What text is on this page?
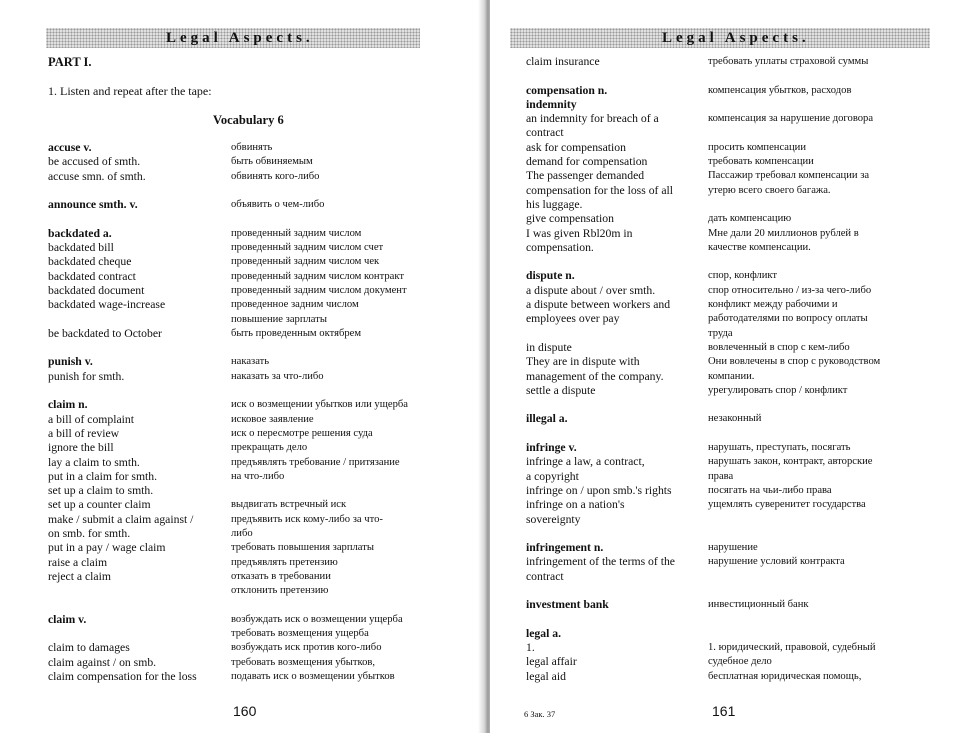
Legal Aspects.
PART I.
1. Listen and repeat after the tape:
Vocabulary 6
accuse v.
be accused of smth.
accuse smn. of smth.
announce smth. v.
backdated a.
backdated bill
backdated cheque
backdated contract
backdated document
backdated wage-increase
be backdated to October
punish v.
punish for smth.
claim n.
a bill of complaint
a bill of review
ignore the bill
lay a claim to smth.
put in a claim for smth.
set up a claim to smth.
set up a counter claim
make / submit a claim against /
on smb. for smth.
put in a pay / wage claim
raise a claim
reject a claim
claim v.
claim to damages
claim against / on smb.
claim compensation for the loss
обвинять
быть обвиняемым
обвинять кого-либо
объявить о чем-либо
проведенный задним числом
проведенный задним числом счет
проведенный задним числом чек
проведенный задним числом контракт
проведенный задним числом документ
проведенное задним числом
повышение зарплаты
быть проведенным октябрем
наказать
наказать за что-либо
иск о возмещении убытков или ущерба
исковое заявление
иск о пересмотре решения суда
прекращать дело
предъявлять требование / притязание
на что-либо
выдвигать встречный иск
предъявить иск кому-либо за что-
либо
требовать повышения зарплаты
предъявлять претензию
отказать в требовании
отклонить претензию
возбуждать иск о возмещении ущерба
требовать возмещения ущерба
возбуждать иск против кого-либо
требовать возмещения убытков,
подавать иск о возмещении убытков
160
Legal Aspects.
claim insurance
compensation n.
indemnity
an indemnity for breach of a
contract
ask for compensation
demand for compensation
The passenger demanded
compensation for the loss of all
his luggage.
give compensation
I was given Rbl20m in
compensation.
dispute n.
a dispute about / over smth.
a dispute between workers and
employees over pay
in dispute
They are in dispute with
management of the company.
settle a dispute
illegal a.
infringe v.
infringe a law, a contract,
a copyright
infringe on / upon smb.'s rights
infringe on a nation's
sovereignty
infringement n.
infringement of the terms of the
contract
investment bank
legal a.
1.
legal affair
legal aid
требовать уплаты страховой суммы
компенсация убытков, расходов
компенсация за нарушение договора
просить компенсации
требовать компенсации
Пассажир требовал компенсации за
утерю всего своего багажа.
дать компенсацию
Мне дали 20 миллионов рублей в
качестве компенсации.
спор, конфликт
спор относительно / из-за чего-либо
конфликт между рабочими и
работодателями по вопросу оплаты
труда
вовлеченный в спор с кем-либо
Они вовлечены в спор с руководством
компании.
урегулировать спор / конфликт
незаконный
нарушать, преступать, посягать
нарушать закон, контракт, авторские
права
посягать на чьи-либо права
ущемлять суверенитет государства
нарушение
нарушение условий контракта
инвестиционный банк
1. юридический, правовой, судебный
судебное дело
бесплатная юридическая помощь,
6 Зак. 37	161
